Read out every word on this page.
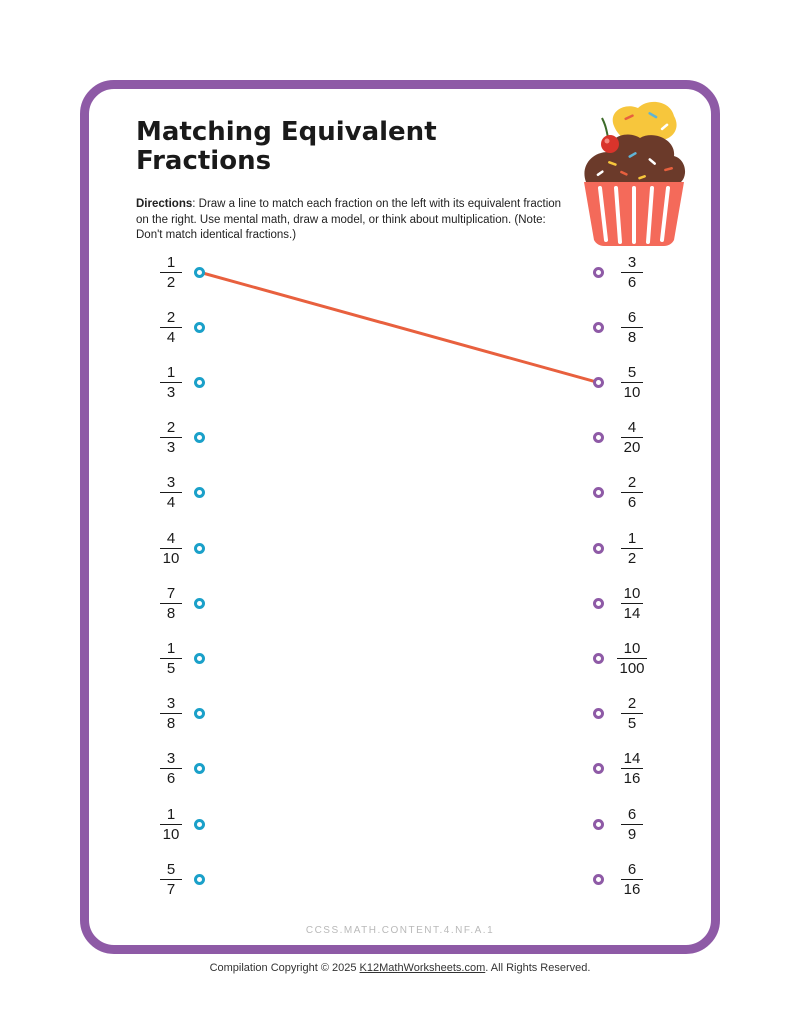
Matching Equivalent
Fractions
Directions: Draw a line to match each fraction on the left with its equivalent fraction on the right. Use mental math, draw a model, or think about multiplication. (Note: Don't match identical fractions.)
1
2
2
4
1
3
2
3
3
4
4
10
7
8
1
5
3
8
3
6
1
10
5
7
3
6
6
8
5
10
4
20
2
6
1
2
10
14
10
100
2
5
14
16
6
9
6
16
CCSS.MATH.CONTENT.4.NF.A.1
Compilation Copyright © 2025 K12MathWorksheets.com. All Rights Reserved.
